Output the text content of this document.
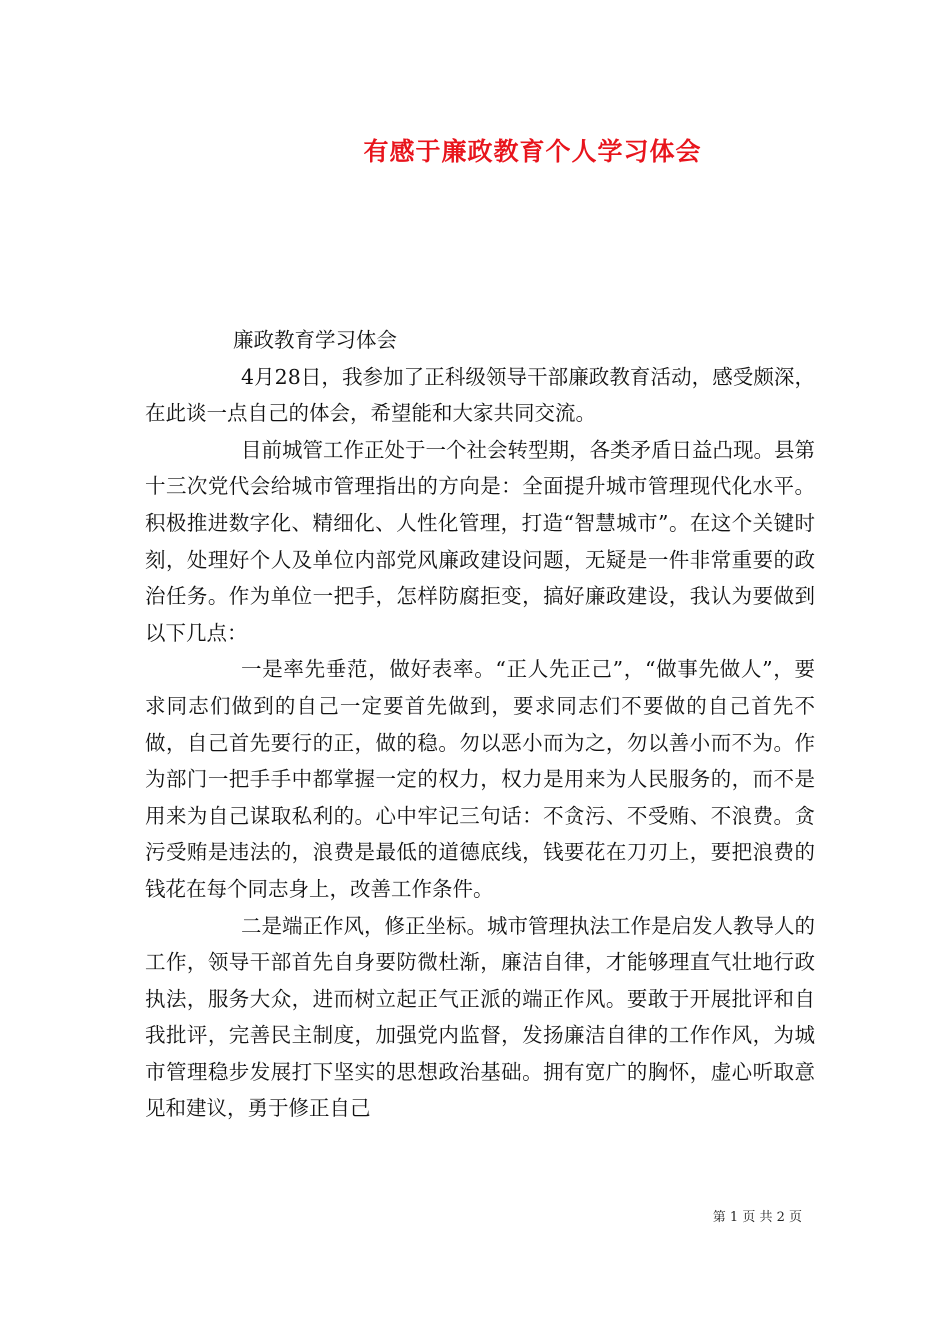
有感于廉政教育个人学习体会

廉政教育学习体会

4月28日，我参加了正科级领导干部廉政教育活动，感受颇深，在此谈一点自己的体会，希望能和大家共同交流。

目前城管工作正处于一个社会转型期，各类矛盾日益凸现。县第十三次党代会给城市管理指出的方向是：全面提升城市管理现代化水平。积极推进数字化、精细化、人性化管理，打造“智慧城市”。在这个关键时刻，处理好个人及单位内部党风廉政建设问题，无疑是一件非常重要的政治任务。作为单位一把手，怎样防腐拒变，搞好廉政建设，我认为要做到以下几点：

一是率先垂范，做好表率。“正人先正己”，“做事先做人”，要求同志们做到的自己一定要首先做到，要求同志们不要做的自己首先不做，自己首先要行的正，做的稳。勿以恶小而为之，勿以善小而不为。作为部门一把手手中都掌握一定的权力，权力是用来为人民服务的，而不是用来为自己谋取私利的。心中牢记三句话：不贪污、不受贿、不浪费。贪污受贿是违法的，浪费是最低的道德底线，钱要花在刀刃上，要把浪费的钱花在每个同志身上，改善工作条件。

二是端正作风，修正坐标。城市管理执法工作是启发人教导人的工作，领导干部首先自身要防微杜渐，廉洁自律，才能够理直气壮地行政执法，服务大众，进而树立起正气正派的端正作风。要敢于开展批评和自我批评，完善民主制度，加强党内监督，发扬廉洁自律的工作作风，为城市管理稳步发展打下坚实的思想政治基础。拥有宽广的胸怀，虚心听取意见和建议，勇于修正自己

第 1 页 共 2 页
